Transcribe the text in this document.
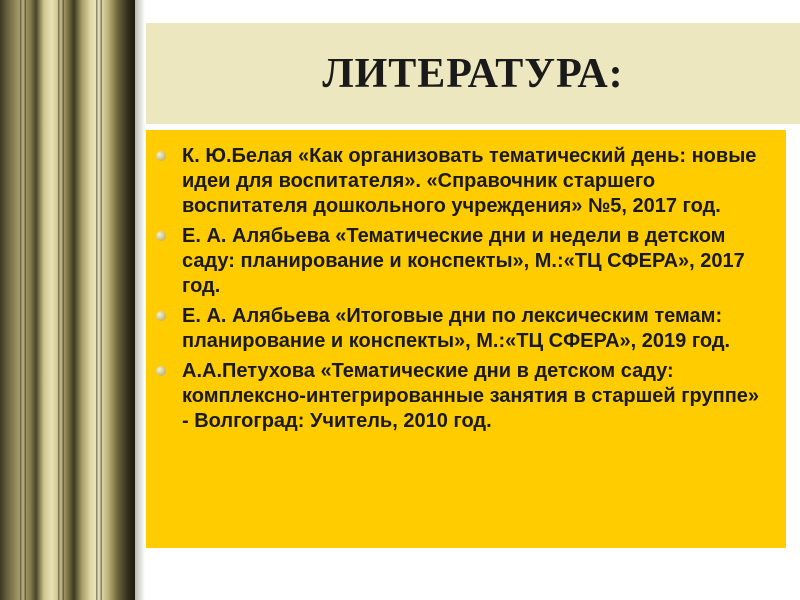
ЛИТЕРАТУРА:
К. Ю.Белая «Как организовать тематический день: новые идеи для воспитателя». «Справочник старшего воспитателя дошкольного учреждения» №5, 2017 год.
Е. А. Алябьева «Тематические дни и недели в детском саду: планирование и конспекты», М.:«ТЦ СФЕРА», 2017 год.
Е. А. Алябьева «Итоговые дни по лексическим темам: планирование и конспекты», М.:«ТЦ СФЕРА», 2019 год.
А.А.Петухова «Тематические дни в детском саду: комплексно-интегрированные занятия в старшей группе» - Волгоград: Учитель, 2010 год.
